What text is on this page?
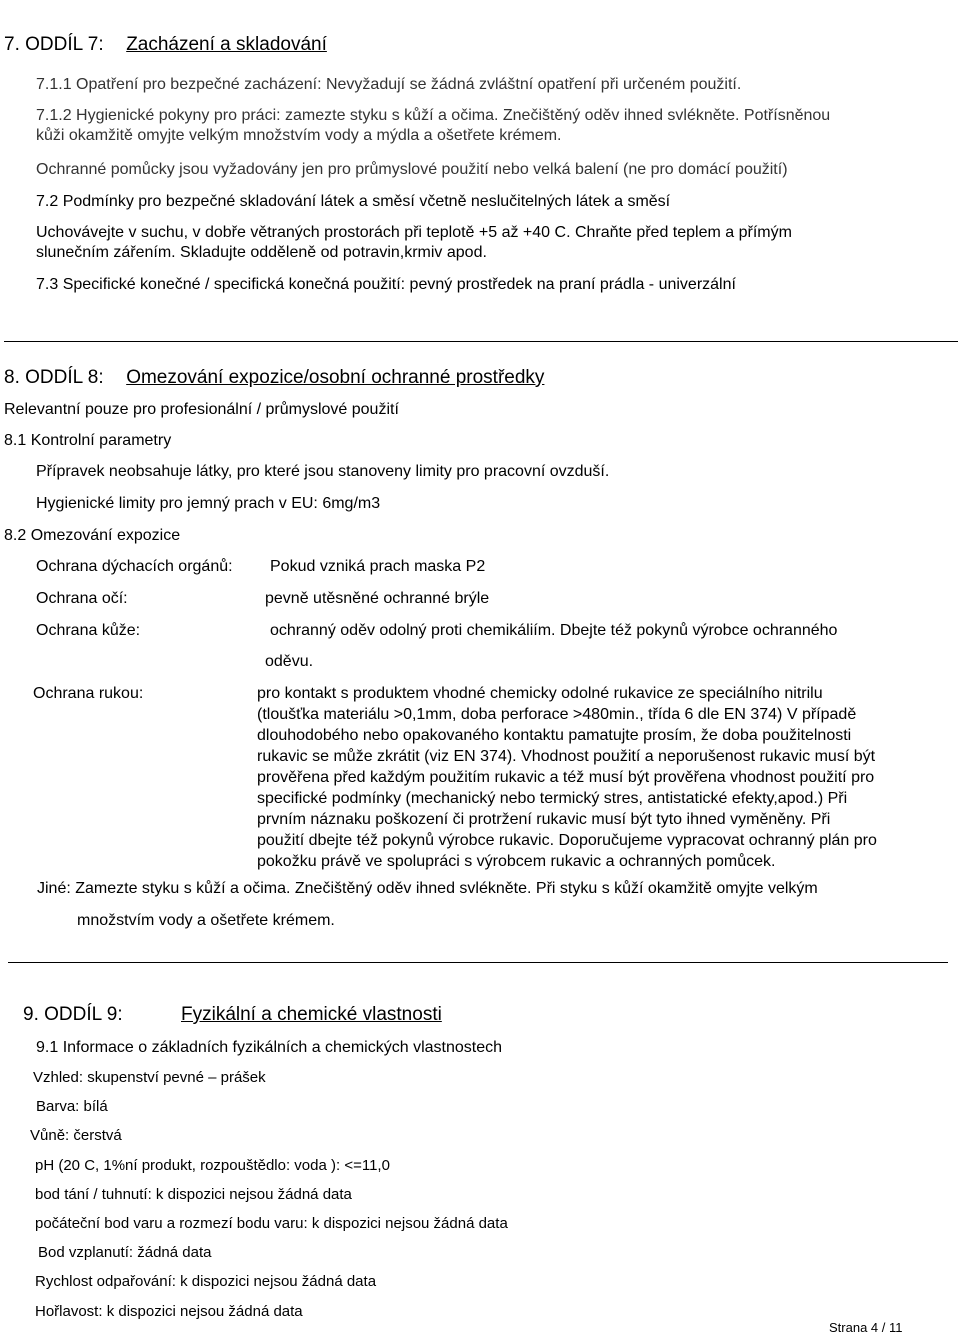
7. ODDÍL 7: Zacházení a skladování
7.1.1 Opatření pro bezpečné zacházení: Nevyžadují se žádná zvláštní opatření při určeném použití.
7.1.2 Hygienické pokyny pro práci: zamezte styku s kůží a očima. Znečištěný oděv ihned svlékněte. Potřísněnou
kůži okamžitě omyjte velkým množstvím vody a mýdla a ošetřete krémem.
Ochranné pomůcky jsou vyžadovány jen pro průmyslové použití nebo velká balení (ne pro domácí použití)
7.2 Podmínky pro bezpečné skladování látek a směsí včetně neslučitelných látek a směsí
Uchovávejte v suchu, v dobře větraných prostorách při teplotě +5 až +40 C. Chraňte před teplem a přímým
slunečním zářením. Skladujte odděleně od potravin,krmiv apod.
7.3 Specifické konečné / specifická konečná použití: pevný prostředek na praní prádla - univerzální
8. ODDÍL 8: Omezování expozice/osobní ochranné prostředky
Relevantní pouze pro profesionální / průmyslové použití
8.1 Kontrolní parametry
Přípravek neobsahuje látky, pro které jsou stanoveny limity pro pracovní ovzduší.
Hygienické limity pro jemný prach v EU: 6mg/m3
8.2 Omezování expozice
Ochrana dýchacích orgánů: Pokud vzniká prach maska P2
Ochrana očí:	pevně utěsněné ochranné brýle
Ochrana kůže:	ochranný oděv odolný proti chemikáliím. Dbejte též pokynů výrobce ochranného
oděvu.
Ochrana rukou:	pro kontakt s produktem vhodné chemicky odolné rukavice ze speciálního nitrilu
(tloušťka materiálu >0,1mm, doba perforace >480min., třída 6 dle EN 374) V případě
dlouhodobého nebo opakovaného kontaktu pamatujte prosím, že doba použitelnosti
rukavic se může zkrátit (viz EN 374). Vhodnost použití a neporušenost rukavic musí být
prověřena před každým použitím rukavic a též musí být prověřena vhodnost použití pro
specifické podmínky (mechanický nebo termický stres, antistatické efekty,apod.) Při
prvním náznaku poškození či protržení rukavic musí být tyto ihned vyměněny. Při
použití dbejte též pokynů výrobce rukavic. Doporučujeme vypracovat ochranný plán pro
pokožku právě ve spolupráci s výrobcem rukavic a ochranných pomůcek.
Jiné: Zamezte styku s kůží a očima. Znečištěný oděv ihned svlékněte. Při styku s kůží okamžitě omyjte velkým
množstvím vody a ošetřete krémem.
9. ODDÍL 9:	Fyzikální a chemické vlastnosti
9.1 Informace o základních fyzikálních a chemických vlastnostech
Vzhled: skupenství pevné – prášek
Barva: bílá
Vůně: čerstvá
pH (20 C, 1%ní produkt, rozpouštědlo: voda ): <=11,0
bod tání / tuhnutí: k dispozici nejsou žádná data
počáteční bod varu a rozmezí bodu varu: k dispozici nejsou žádná data
Bod vzplanutí: žádná data
Rychlost odpařování: k dispozici nejsou žádná data
Hořlavost: k dispozici nejsou žádná data
Strana 4 / 11
